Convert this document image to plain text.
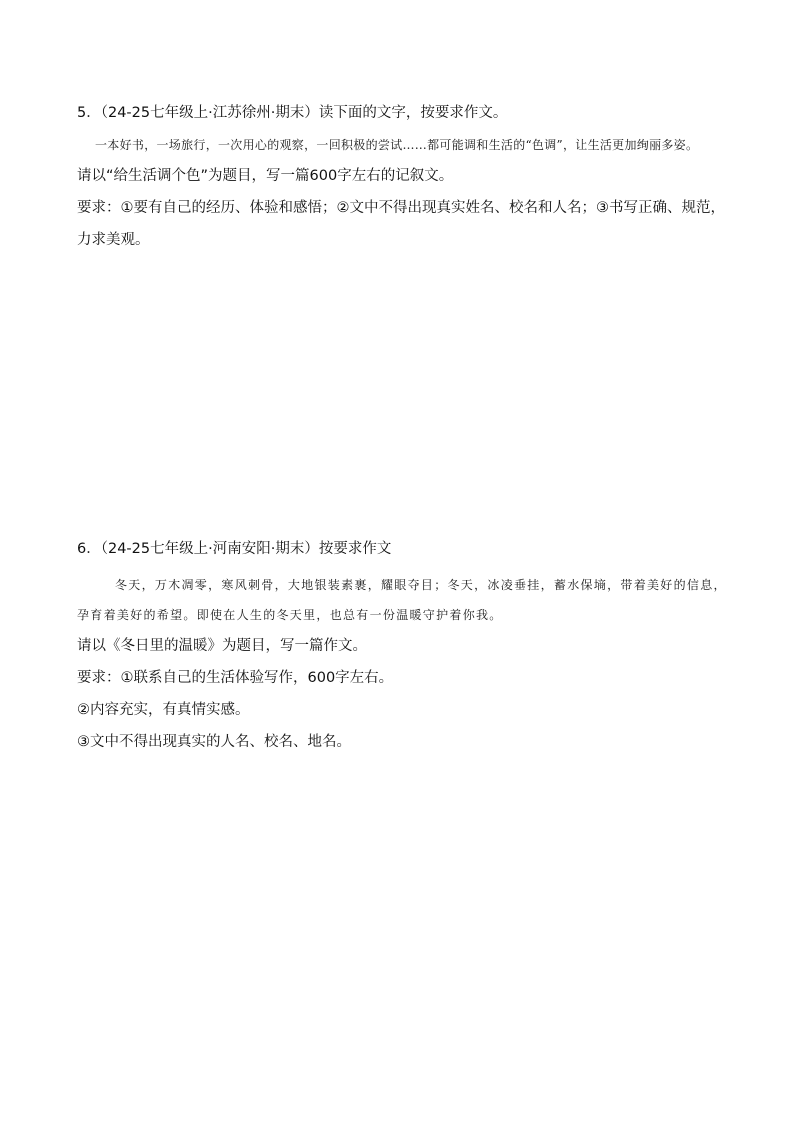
5．（24-25七年级上·江苏徐州·期末）读下面的文字，按要求作文。

一本好书，一场旅行，一次用心的观察，一回积极的尝试……都可能调和生活的“色调”，让生活更加绚丽多姿。

请以“给生活调个色”为题目，写一篇600字左右的记叙文。

要求：①要有自己的经历、体验和感悟；②文中不得出现真实姓名、校名和人名；③书写正确、规范，力求美观。

6．（24-25七年级上·河南安阳·期末）按要求作文

冬天，万木凋零，寒风刺骨，大地银装素裹，耀眼夺目；冬天，冰凌垂挂，蓄水保墒，带着美好的信息，孕育着美好的希望。即使在人生的冬天里，也总有一份温暖守护着你我。

请以《冬日里的温暖》为题目，写一篇作文。

要求：①联系自己的生活体验写作，600字左右。

②内容充实，有真情实感。

③文中不得出现真实的人名、校名、地名。
